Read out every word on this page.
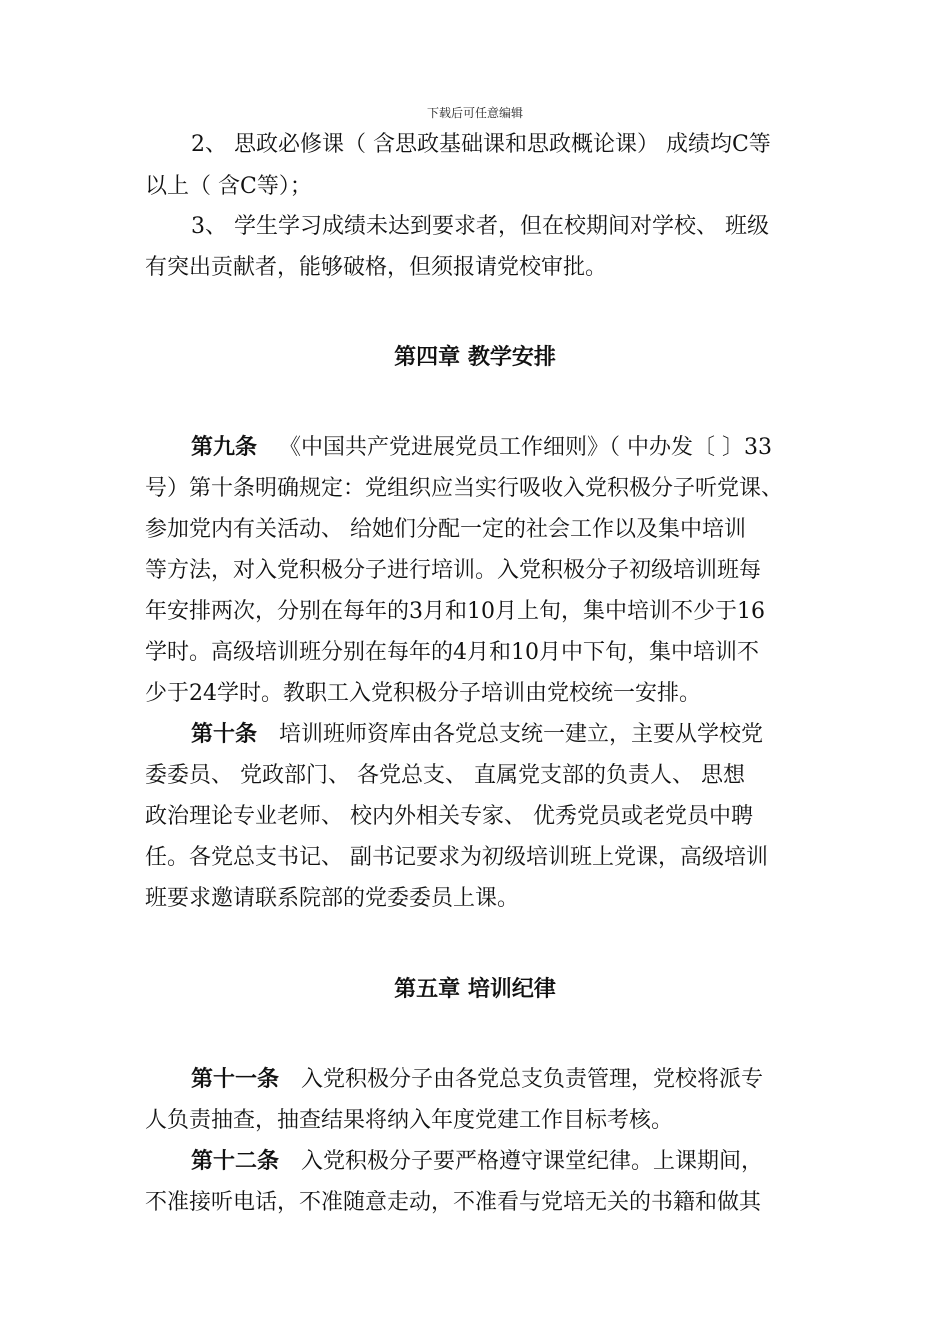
下载后可任意编辑
2、 思政必修课（ 含思政基础课和思政概论课） 成绩均C等
以上（ 含C等）；
3、 学生学习成绩未达到要求者，但在校期间对学校、 班级
有突出贡献者，能够破格，但须报请党校审批。
第四章 教学安排
第九条 《中国共产党进展党员工作细则》（ 中办发〔 〕33
号）第十条明确规定：党组织应当实行吸收入党积极分子听党课、
参加党内有关活动、 给她们分配一定的社会工作以及集中培训
等方法，对入党积极分子进行培训。入党积极分子初级培训班每
年安排两次，分别在每年的3月和10月上旬，集中培训不少于16
学时。高级培训班分别在每年的4月和10月中下旬，集中培训不
少于24学时。教职工入党积极分子培训由党校统一安排。
第十条 培训班师资库由各党总支统一建立，主要从学校党
委委员、 党政部门、 各党总支、 直属党支部的负责人、 思想
政治理论专业老师、 校内外相关专家、 优秀党员或老党员中聘
任。各党总支书记、 副书记要求为初级培训班上党课，高级培训
班要求邀请联系院部的党委委员上课。
第五章 培训纪律
第十一条 入党积极分子由各党总支负责管理，党校将派专
人负责抽查，抽查结果将纳入年度党建工作目标考核。
第十二条 入党积极分子要严格遵守课堂纪律。上课期间，
不准接听电话，不准随意走动，不准看与党培无关的书籍和做其
